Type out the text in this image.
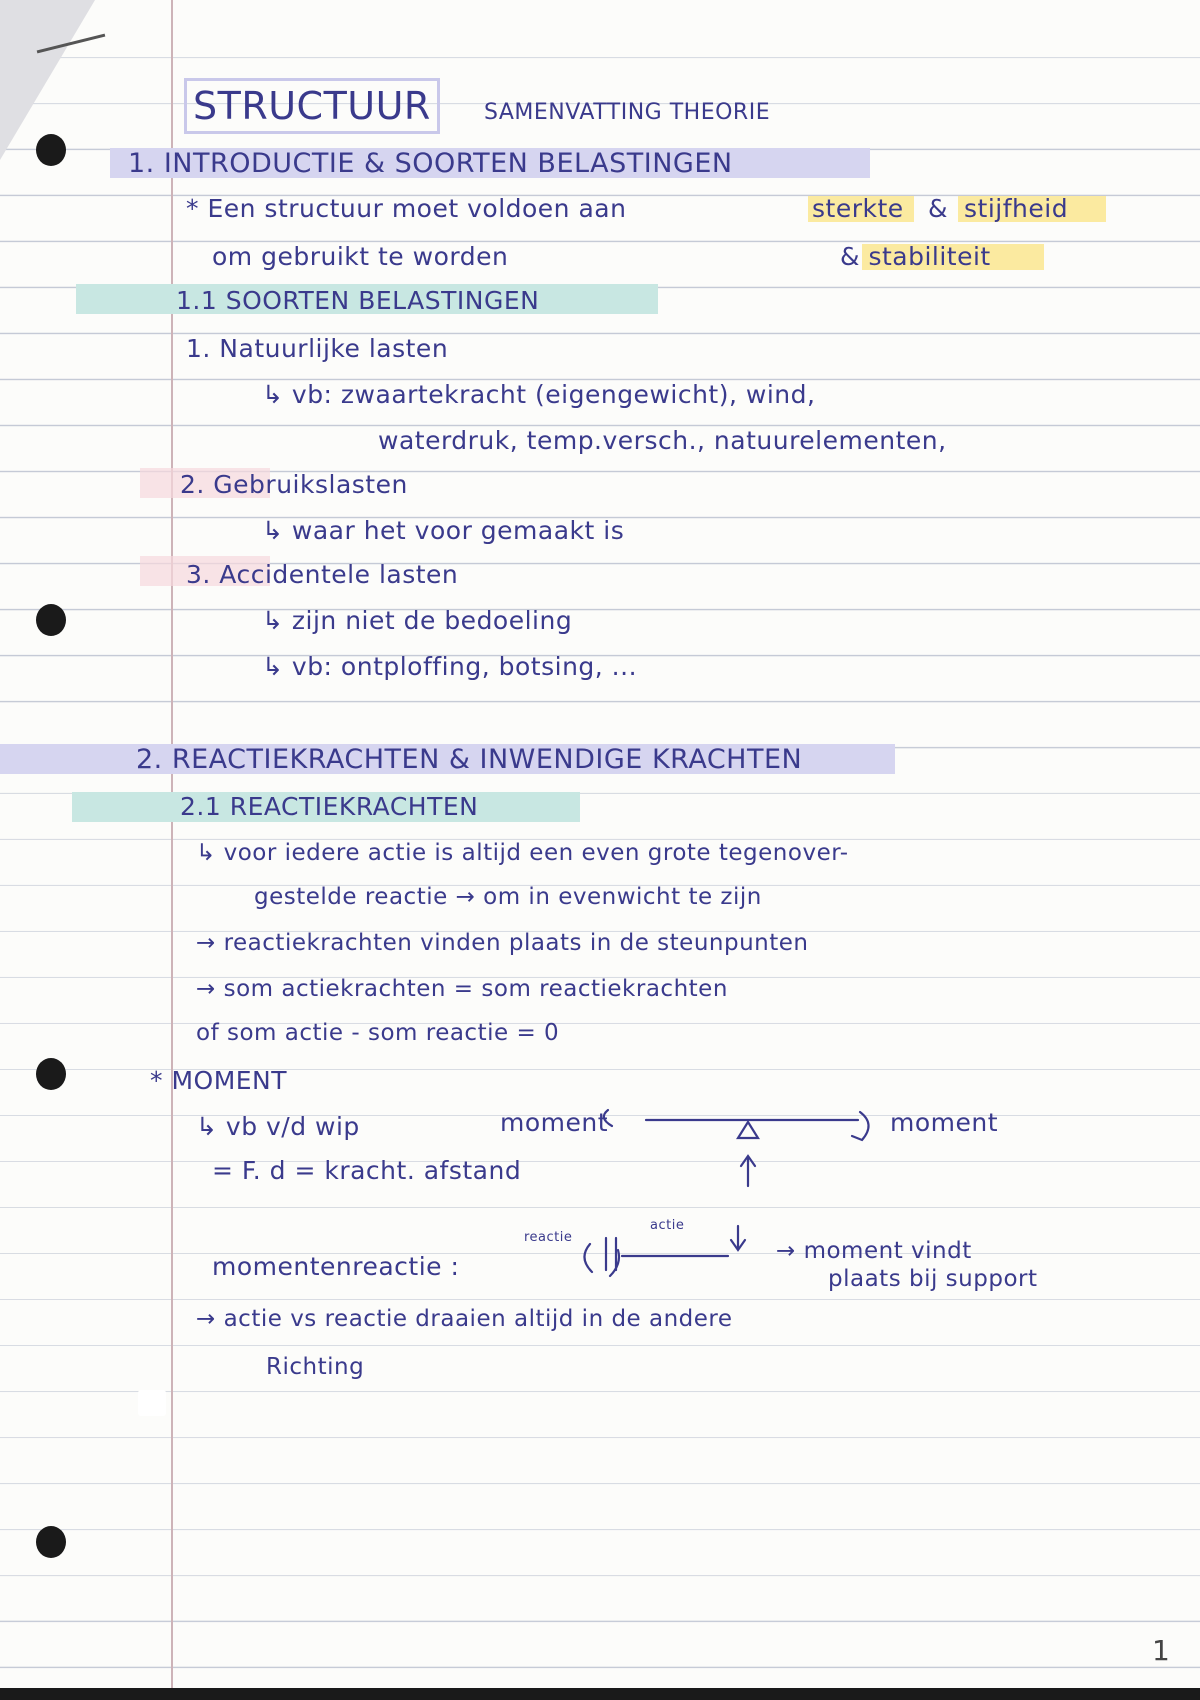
STRUCTUUR	SAMENVATTING THEORIE
1. INTRODUCTIE & SOORTEN BELASTINGEN
* Een structuur moet voldoen aan	sterkte & stijfheid
om gebruikt te worden	& stabiliteit
1.1 SOORTEN BELASTINGEN
1. Natuurlijke lasten
↳ vb: zwaartekracht (eigengewicht), wind,
waterdruk, temp.versch., natuurelementen,
2. Gebruikslasten
↳ waar het voor gemaakt is
3. Accidentele lasten
↳ zijn niet de bedoeling
↳ vb: ontploffing, botsing, ...
2. REACTIEKRACHTEN & INWENDIGE KRACHTEN
2.1 REACTIEKRACHTEN
↳ voor iedere actie is altijd een even grote tegenover-
gestelde reactie → om in evenwicht te zijn
→ reactiekrachten vinden plaats in de steunpunten
→ som actiekrachten = som reactiekrachten
of som actie - som reactie = 0
* MOMENT
↳ vb v/d wip	moment	moment
= F. d = kracht. afstand
reactie
actie
momentenreactie :
→ moment vindt
plaats bij support
→ actie vs reactie draaien altijd in de andere
Richting
1
